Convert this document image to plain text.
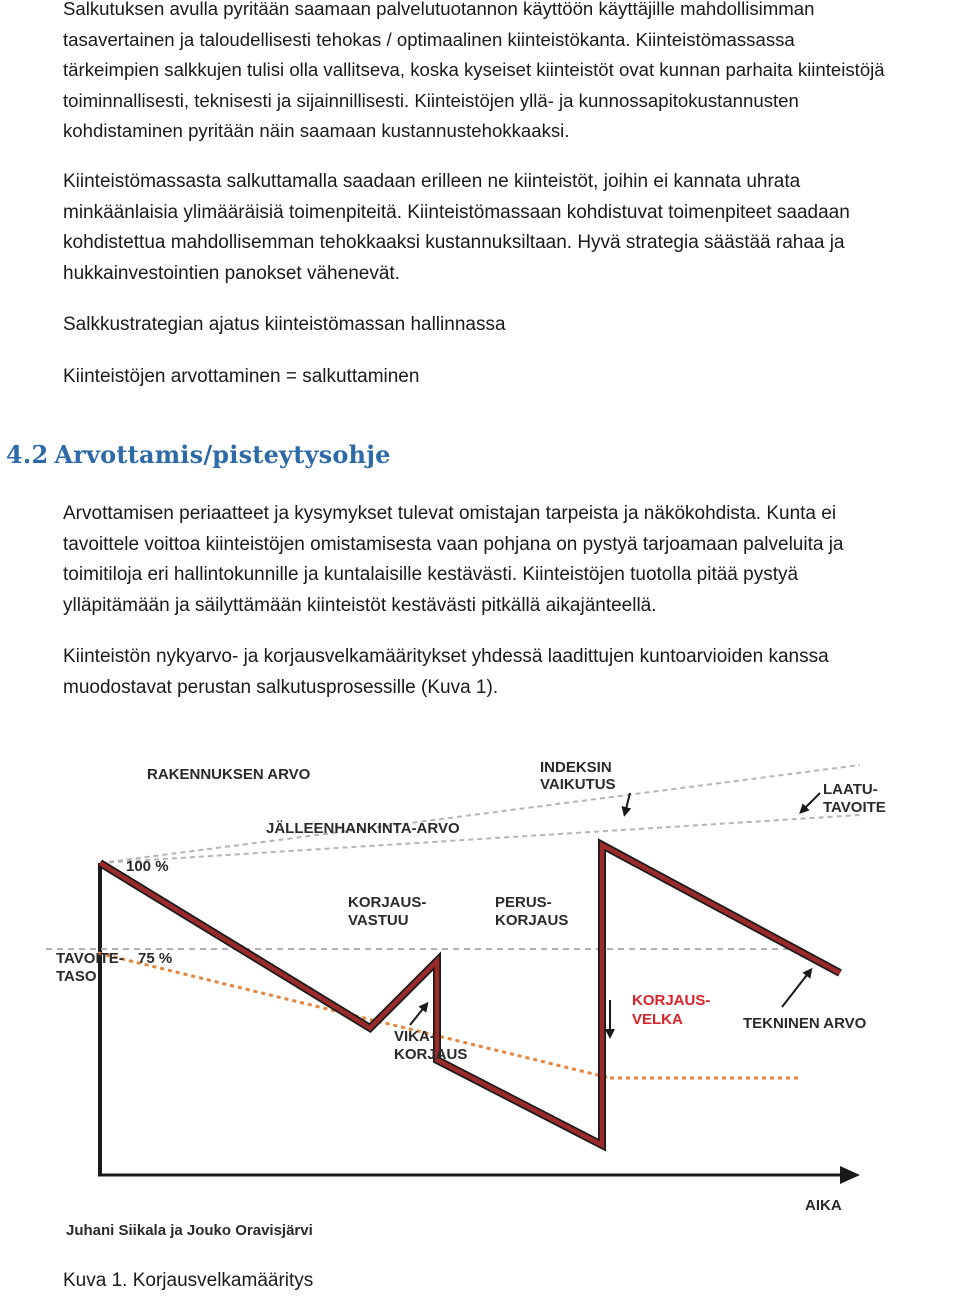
Salkutuksen avulla pyritään saamaan palvelutuotannon käyttöön käyttäjille mahdollisimman
tasavertainen ja taloudellisesti tehokas / optimaalinen kiinteistökanta. Kiinteistömassassa
tärkeimpien salkkujen tulisi olla vallitseva, koska kyseiset kiinteistöt ovat kunnan parhaita kiinteistöjä
toiminnallisesti, teknisesti ja sijainnillisesti. Kiinteistöjen yllä- ja kunnossapitokustannusten
kohdistaminen pyritään näin saamaan kustannustehokkaaksi.

Kiinteistömassasta salkuttamalla saadaan erilleen ne kiinteistöt, joihin ei kannata uhrata
minkäänlaisia ylimääräisiä toimenpiteitä. Kiinteistömassaan kohdistuvat toimenpiteet saadaan
kohdistettua mahdollisemman tehokkaaksi kustannuksiltaan. Hyvä strategia säästää rahaa ja
hukkainvestointien panokset vähenevät.

Salkkustrategian ajatus kiinteistömassan hallinnassa

Kiinteistöjen arvottaminen = salkuttaminen

4.2 Arvottamis/pisteytysohje

Arvottamisen periaatteet ja kysymykset tulevat omistajan tarpeista ja näkökohdista. Kunta ei
tavoittele voittoa kiinteistöjen omistamisesta vaan pohjana on pystyä tarjoamaan palveluita ja
toimitiloja eri hallintokunnille ja kuntalaisille kestävästi. Kiinteistöjen tuotolla pitää pystyä
ylläpitämään ja säilyttämään kiinteistöt kestävästi pitkällä aikajänteellä.

Kiinteistön nykyarvo- ja korjausvelkamääritykset yhdessä laadittujen kuntoarvioiden kanssa
muodostavat perustan salkutusprosessille (Kuva 1).

RAKENNUKSEN ARVO	INDEKSIN
VAIKUTUS	LAATU-
TAVOITE
JÄLLEENHANKINTA-ARVO
100 %
KORJAUS-
VASTUU
PERUS-
KORJAUS
TAVOITE-
TASO
75 %
KORJAUS-
VELKA	TEKNINEN ARVO
VIKA-
KORJAUS
AIKA
Juhani Siikala ja Jouko Oravisjärvi

Kuva 1. Korjausvelkamääritys
